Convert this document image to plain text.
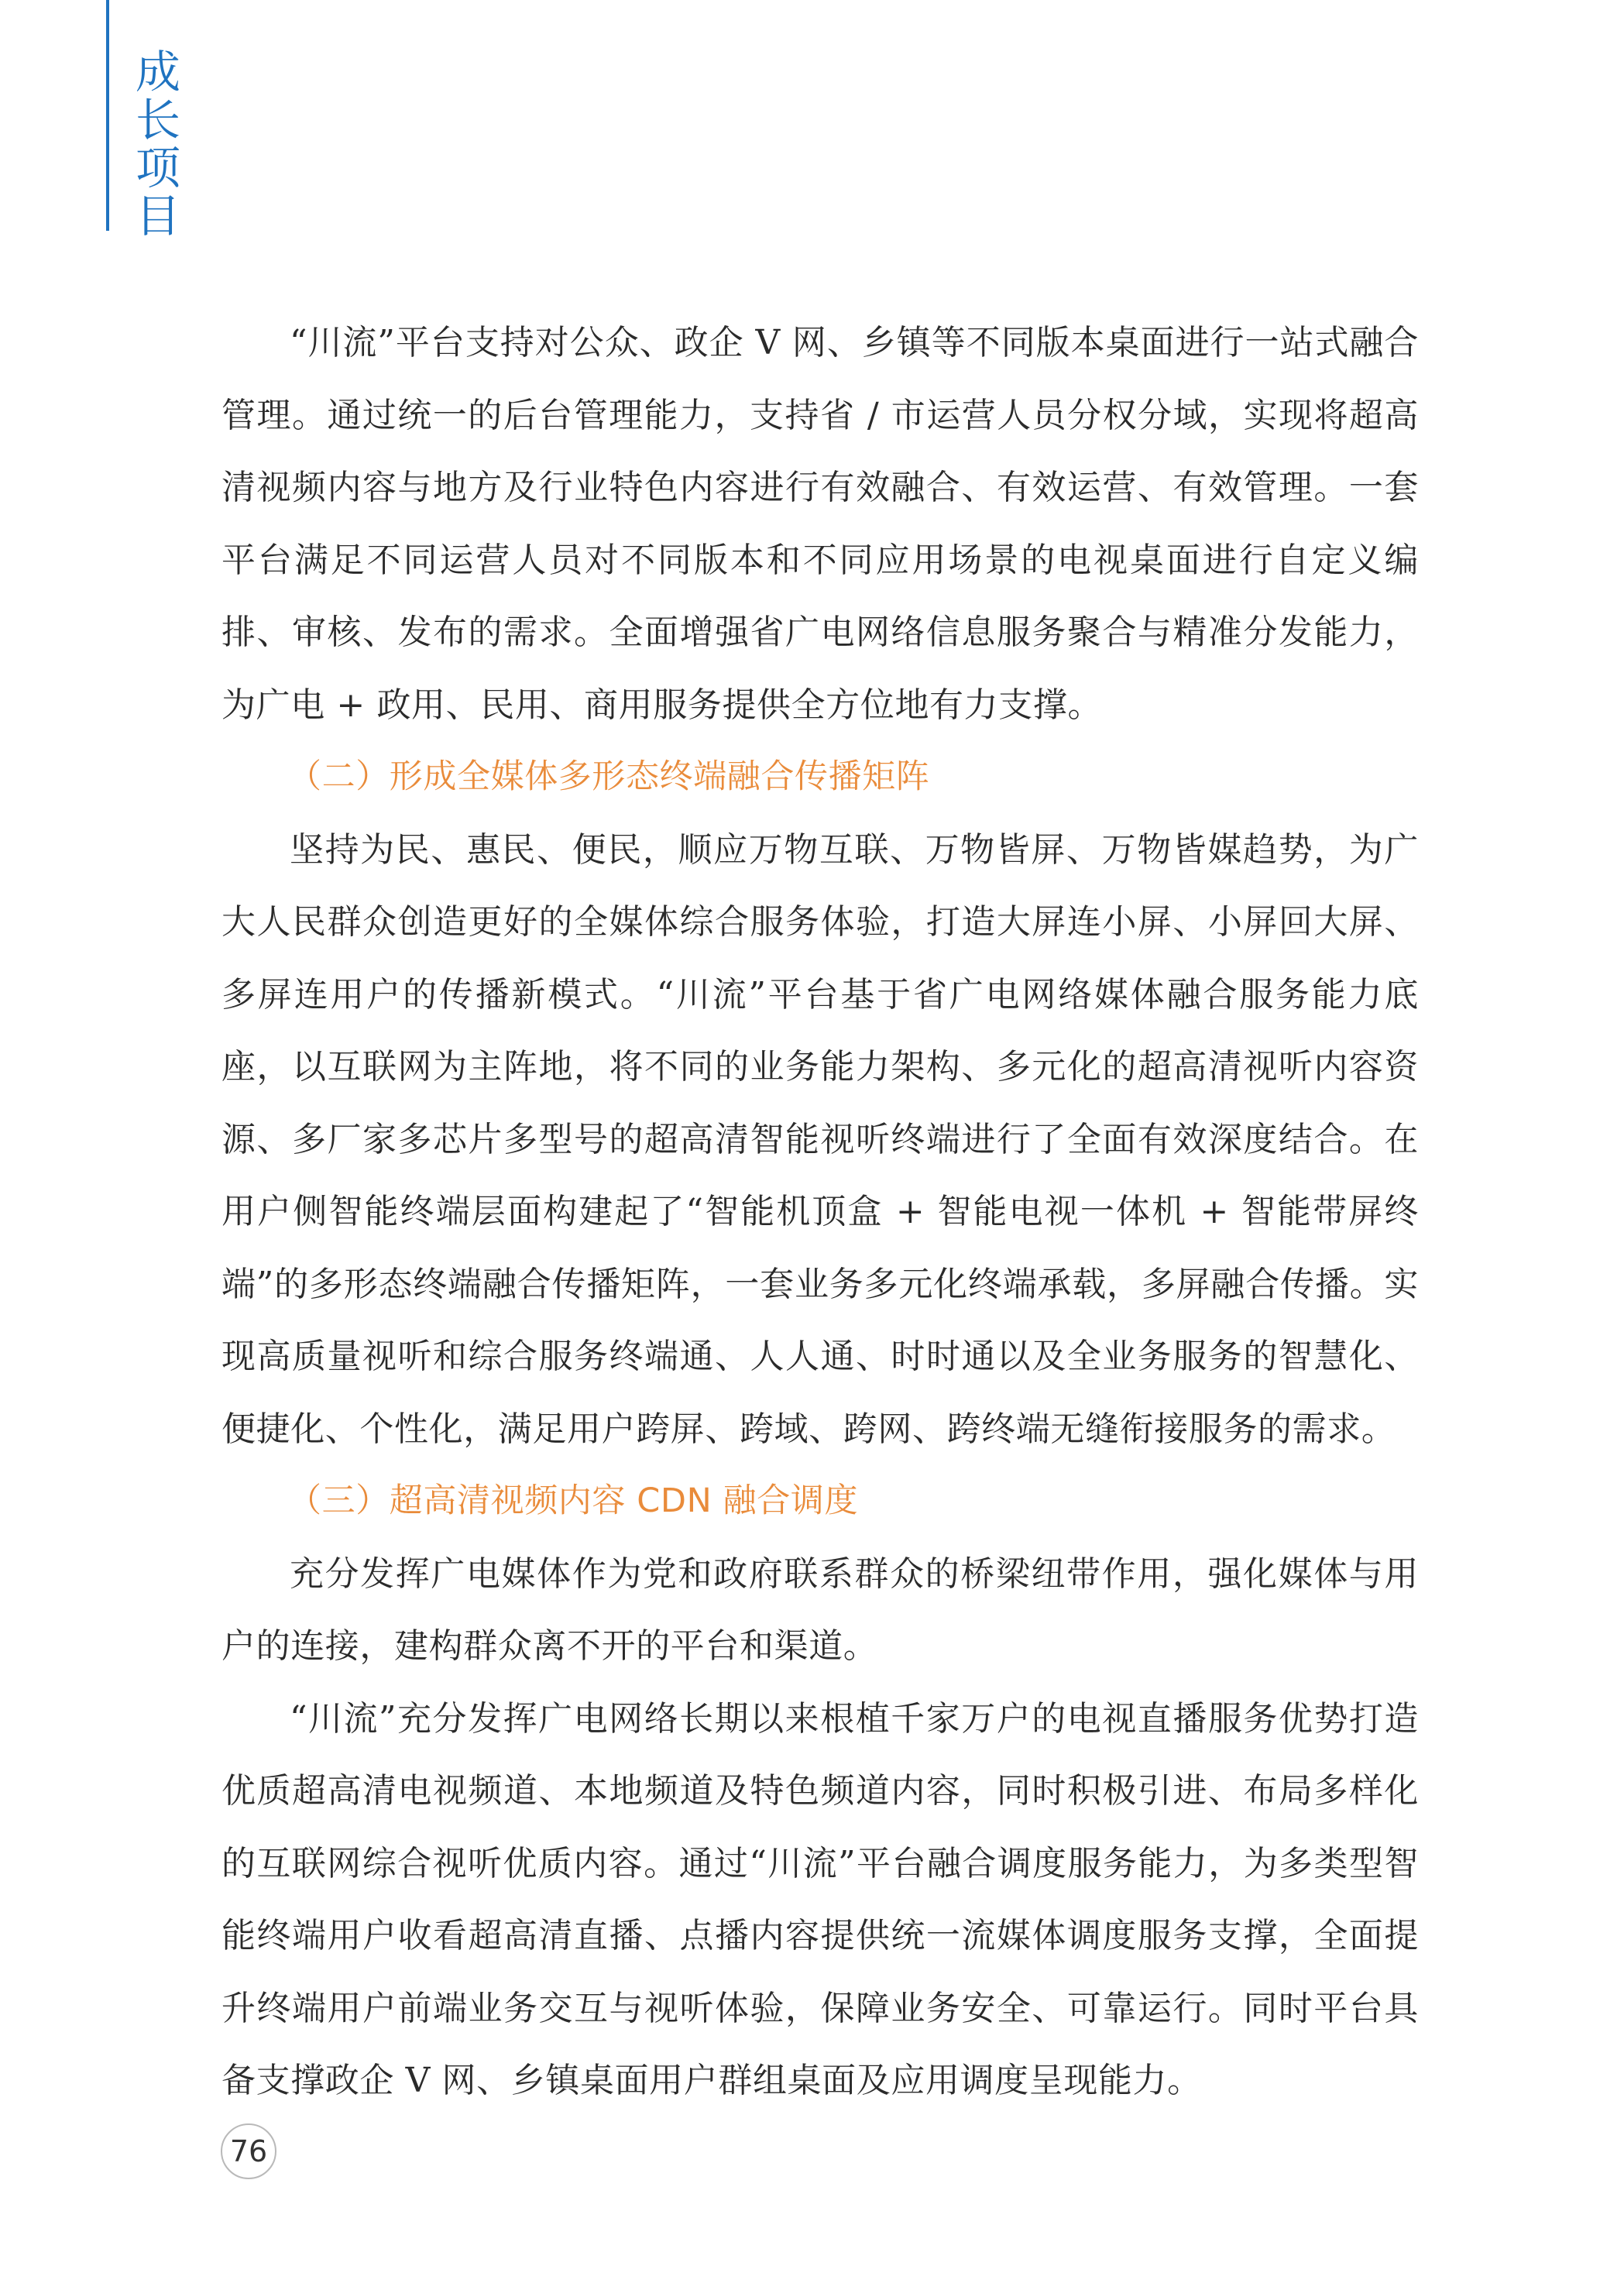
成
长
项
目

“川流”平台支持对公众、政企 V 网、乡镇等不同版本桌面进行一站式融合管理。通过统一的后台管理能力，支持省 / 市运营人员分权分域，实现将超高清视频内容与地方及行业特色内容进行有效融合、有效运营、有效管理。一套平台满足不同运营人员对不同版本和不同应用场景的电视桌面进行自定义编排、审核、发布的需求。全面增强省广电网络信息服务聚合与精准分发能力，为广电 + 政用、民用、商用服务提供全方位地有力支撑。

（二）形成全媒体多形态终端融合传播矩阵

坚持为民、惠民、便民，顺应万物互联、万物皆屏、万物皆媒趋势，为广大人民群众创造更好的全媒体综合服务体验，打造大屏连小屏、小屏回大屏、多屏连用户的传播新模式。“川流”平台基于省广电网络媒体融合服务能力底座，以互联网为主阵地，将不同的业务能力架构、多元化的超高清视听内容资源、多厂家多芯片多型号的超高清智能视听终端进行了全面有效深度结合。在用户侧智能终端层面构建起了“智能机顶盒 + 智能电视一体机 + 智能带屏终端”的多形态终端融合传播矩阵，一套业务多元化终端承载，多屏融合传播。实现高质量视听和综合服务终端通、人人通、时时通以及全业务服务的智慧化、便捷化、个性化，满足用户跨屏、跨域、跨网、跨终端无缝衔接服务的需求。

（三）超高清视频内容 CDN 融合调度

充分发挥广电媒体作为党和政府联系群众的桥梁纽带作用，强化媒体与用户的连接，建构群众离不开的平台和渠道。

“川流”充分发挥广电网络长期以来根植千家万户的电视直播服务优势打造优质超高清电视频道、本地频道及特色频道内容，同时积极引进、布局多样化的互联网综合视听优质内容。通过“川流”平台融合调度服务能力，为多类型智能终端用户收看超高清直播、点播内容提供统一流媒体调度服务支撑，全面提升终端用户前端业务交互与视听体验，保障业务安全、可靠运行。同时平台具备支撑政企 V 网、乡镇桌面用户群组桌面及应用调度呈现能力。

76
